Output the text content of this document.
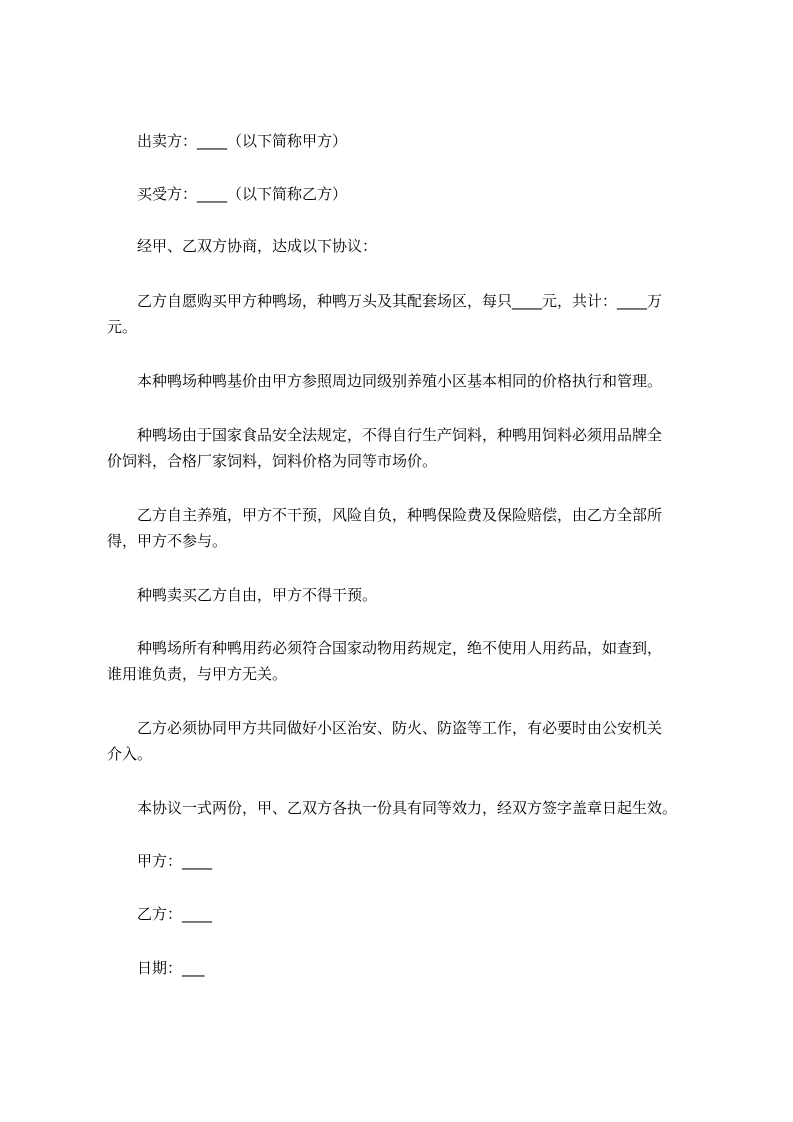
出卖方：____（以下简称甲方）
买受方：____（以下简称乙方）
经甲、乙双方协商，达成以下协议：
乙方自愿购买甲方种鸭场，种鸭万头及其配套场区，每只____元，共计：____万
元。
本种鸭场种鸭基价由甲方参照周边同级别养殖小区基本相同的价格执行和管理。
种鸭场由于国家食品安全法规定，不得自行生产饲料，种鸭用饲料必须用品牌全
价饲料，合格厂家饲料，饲料价格为同等市场价。
乙方自主养殖，甲方不干预，风险自负，种鸭保险费及保险赔偿，由乙方全部所
得，甲方不参与。
种鸭卖买乙方自由，甲方不得干预。
种鸭场所有种鸭用药必须符合国家动物用药规定，绝不使用人用药品，如查到，
谁用谁负责，与甲方无关。
乙方必须协同甲方共同做好小区治安、防火、防盗等工作，有必要时由公安机关
介入。
本协议一式两份，甲、乙双方各执一份具有同等效力，经双方签字盖章日起生效。
甲方：____
乙方：____
日期：___
